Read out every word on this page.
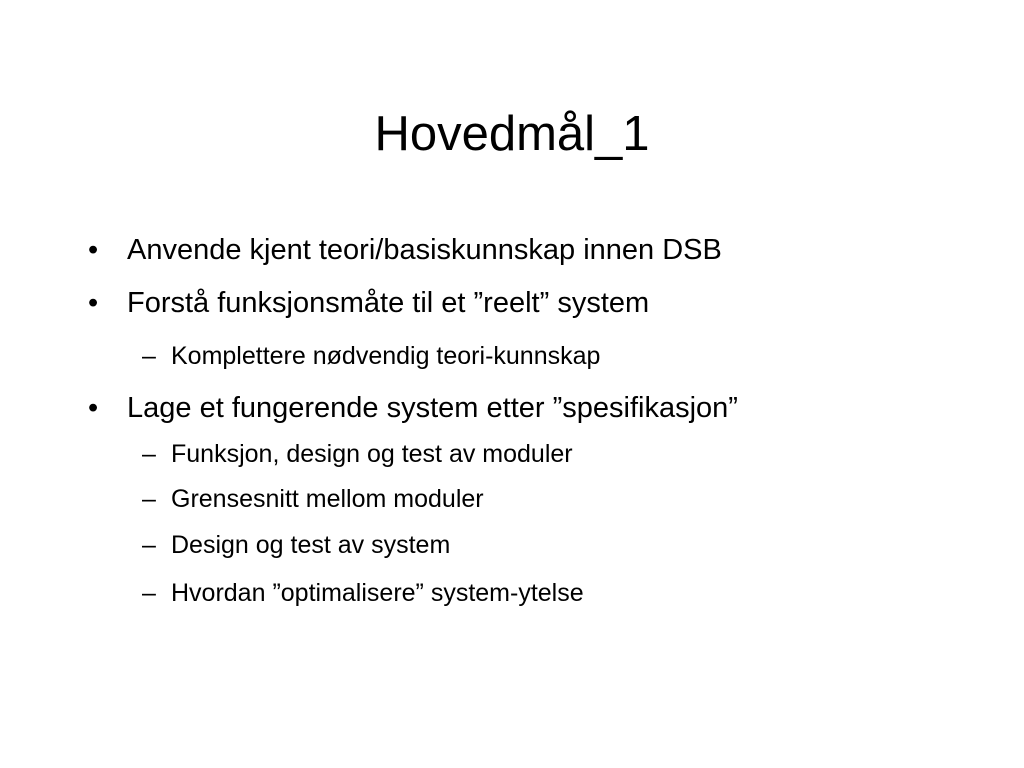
Hovedmål_1
• Anvende kjent teori/basiskunnskap innen DSB
• Forstå funksjonsmåte til et ”reelt” system
– Komplettere nødvendig teori-kunnskap
• Lage et fungerende system etter ”spesifikasjon”
– Funksjon, design og test av moduler
– Grensesnitt mellom moduler
– Design og test av system
– Hvordan ”optimalisere” system-ytelse
